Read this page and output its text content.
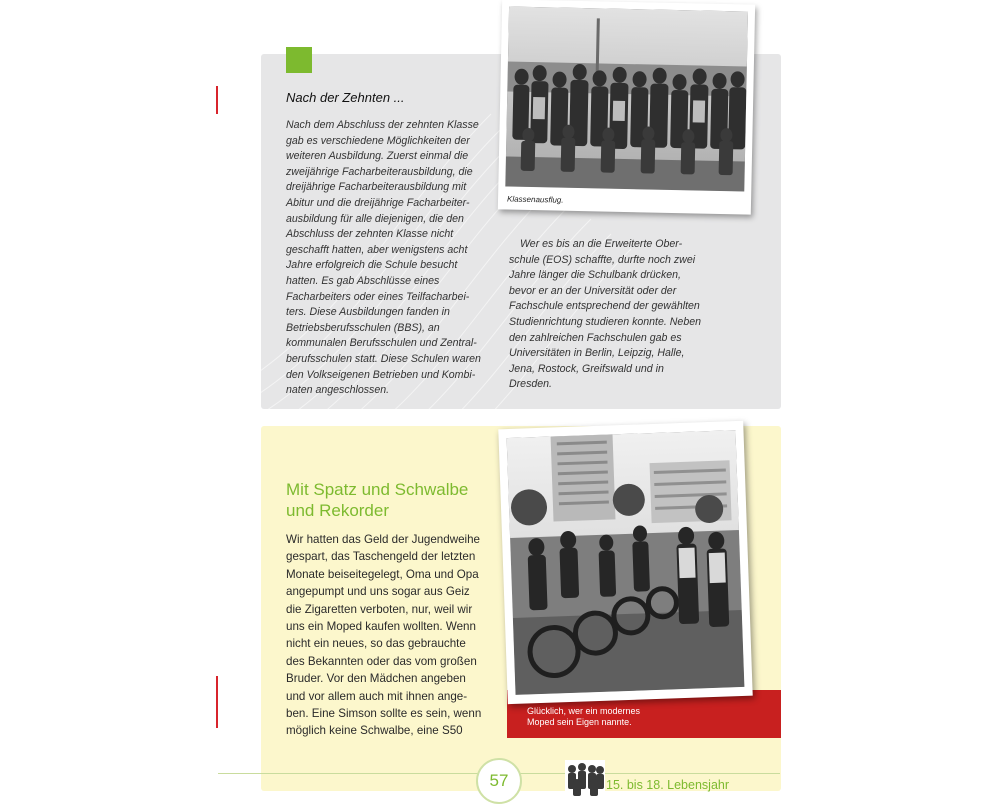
Nach der Zehnten ...
Nach dem Abschluss der zehnten Klasse
gab es verschiedene Möglichkeiten der
weiteren Ausbildung. Zuerst einmal die
zweijährige Facharbeiterausbildung, die
dreijährige Facharbeiterausbildung mit
Abitur und die dreijährige Facharbeiter-
ausbildung für alle diejenigen, die den
Abschluss der zehnten Klasse nicht
geschafft hatten, aber wenigstens acht
Jahre erfolgreich die Schule besucht
hatten. Es gab Abschlüsse eines
Facharbeiters oder eines Teilfacharbei-
ters. Diese Ausbildungen fanden in
Betriebsberufsschulen (BBS), an
kommunalen Berufsschulen und Zentral-
berufsschulen statt. Diese Schulen waren
den Volkseigenen Betrieben und Kombi-
naten angeschlossen.
Wer es bis an die Erweiterte Ober-
schule (EOS) schaffte, durfte noch zwei
Jahre länger die Schulbank drücken,
bevor er an der Universität oder der
Fachschule entsprechend der gewählten
Studienrichtung studieren konnte. Neben
den zahlreichen Fachschulen gab es
Universitäten in Berlin, Leipzig, Halle,
Jena, Rostock, Greifswald und in
Dresden.
Klassenausflug.
Mit Spatz und Schwalbe
und Rekorder
Wir hatten das Geld der Jugendweihe
gespart, das Taschengeld der letzten
Monate beiseitegelegt, Oma und Opa
angepumpt und uns sogar aus Geiz
die Zigaretten verboten, nur, weil wir
uns ein Moped kaufen wollten. Wenn
nicht ein neues, so das gebrauchte
des Bekannten oder das vom großen
Bruder. Vor den Mädchen angeben
und vor allem auch mit ihnen ange-
ben. Eine Simson sollte es sein, wenn
möglich keine Schwalbe, eine S50
Glücklich, wer ein modernes
Moped sein Eigen nannte.
57	15. bis 18. Lebensjahr
